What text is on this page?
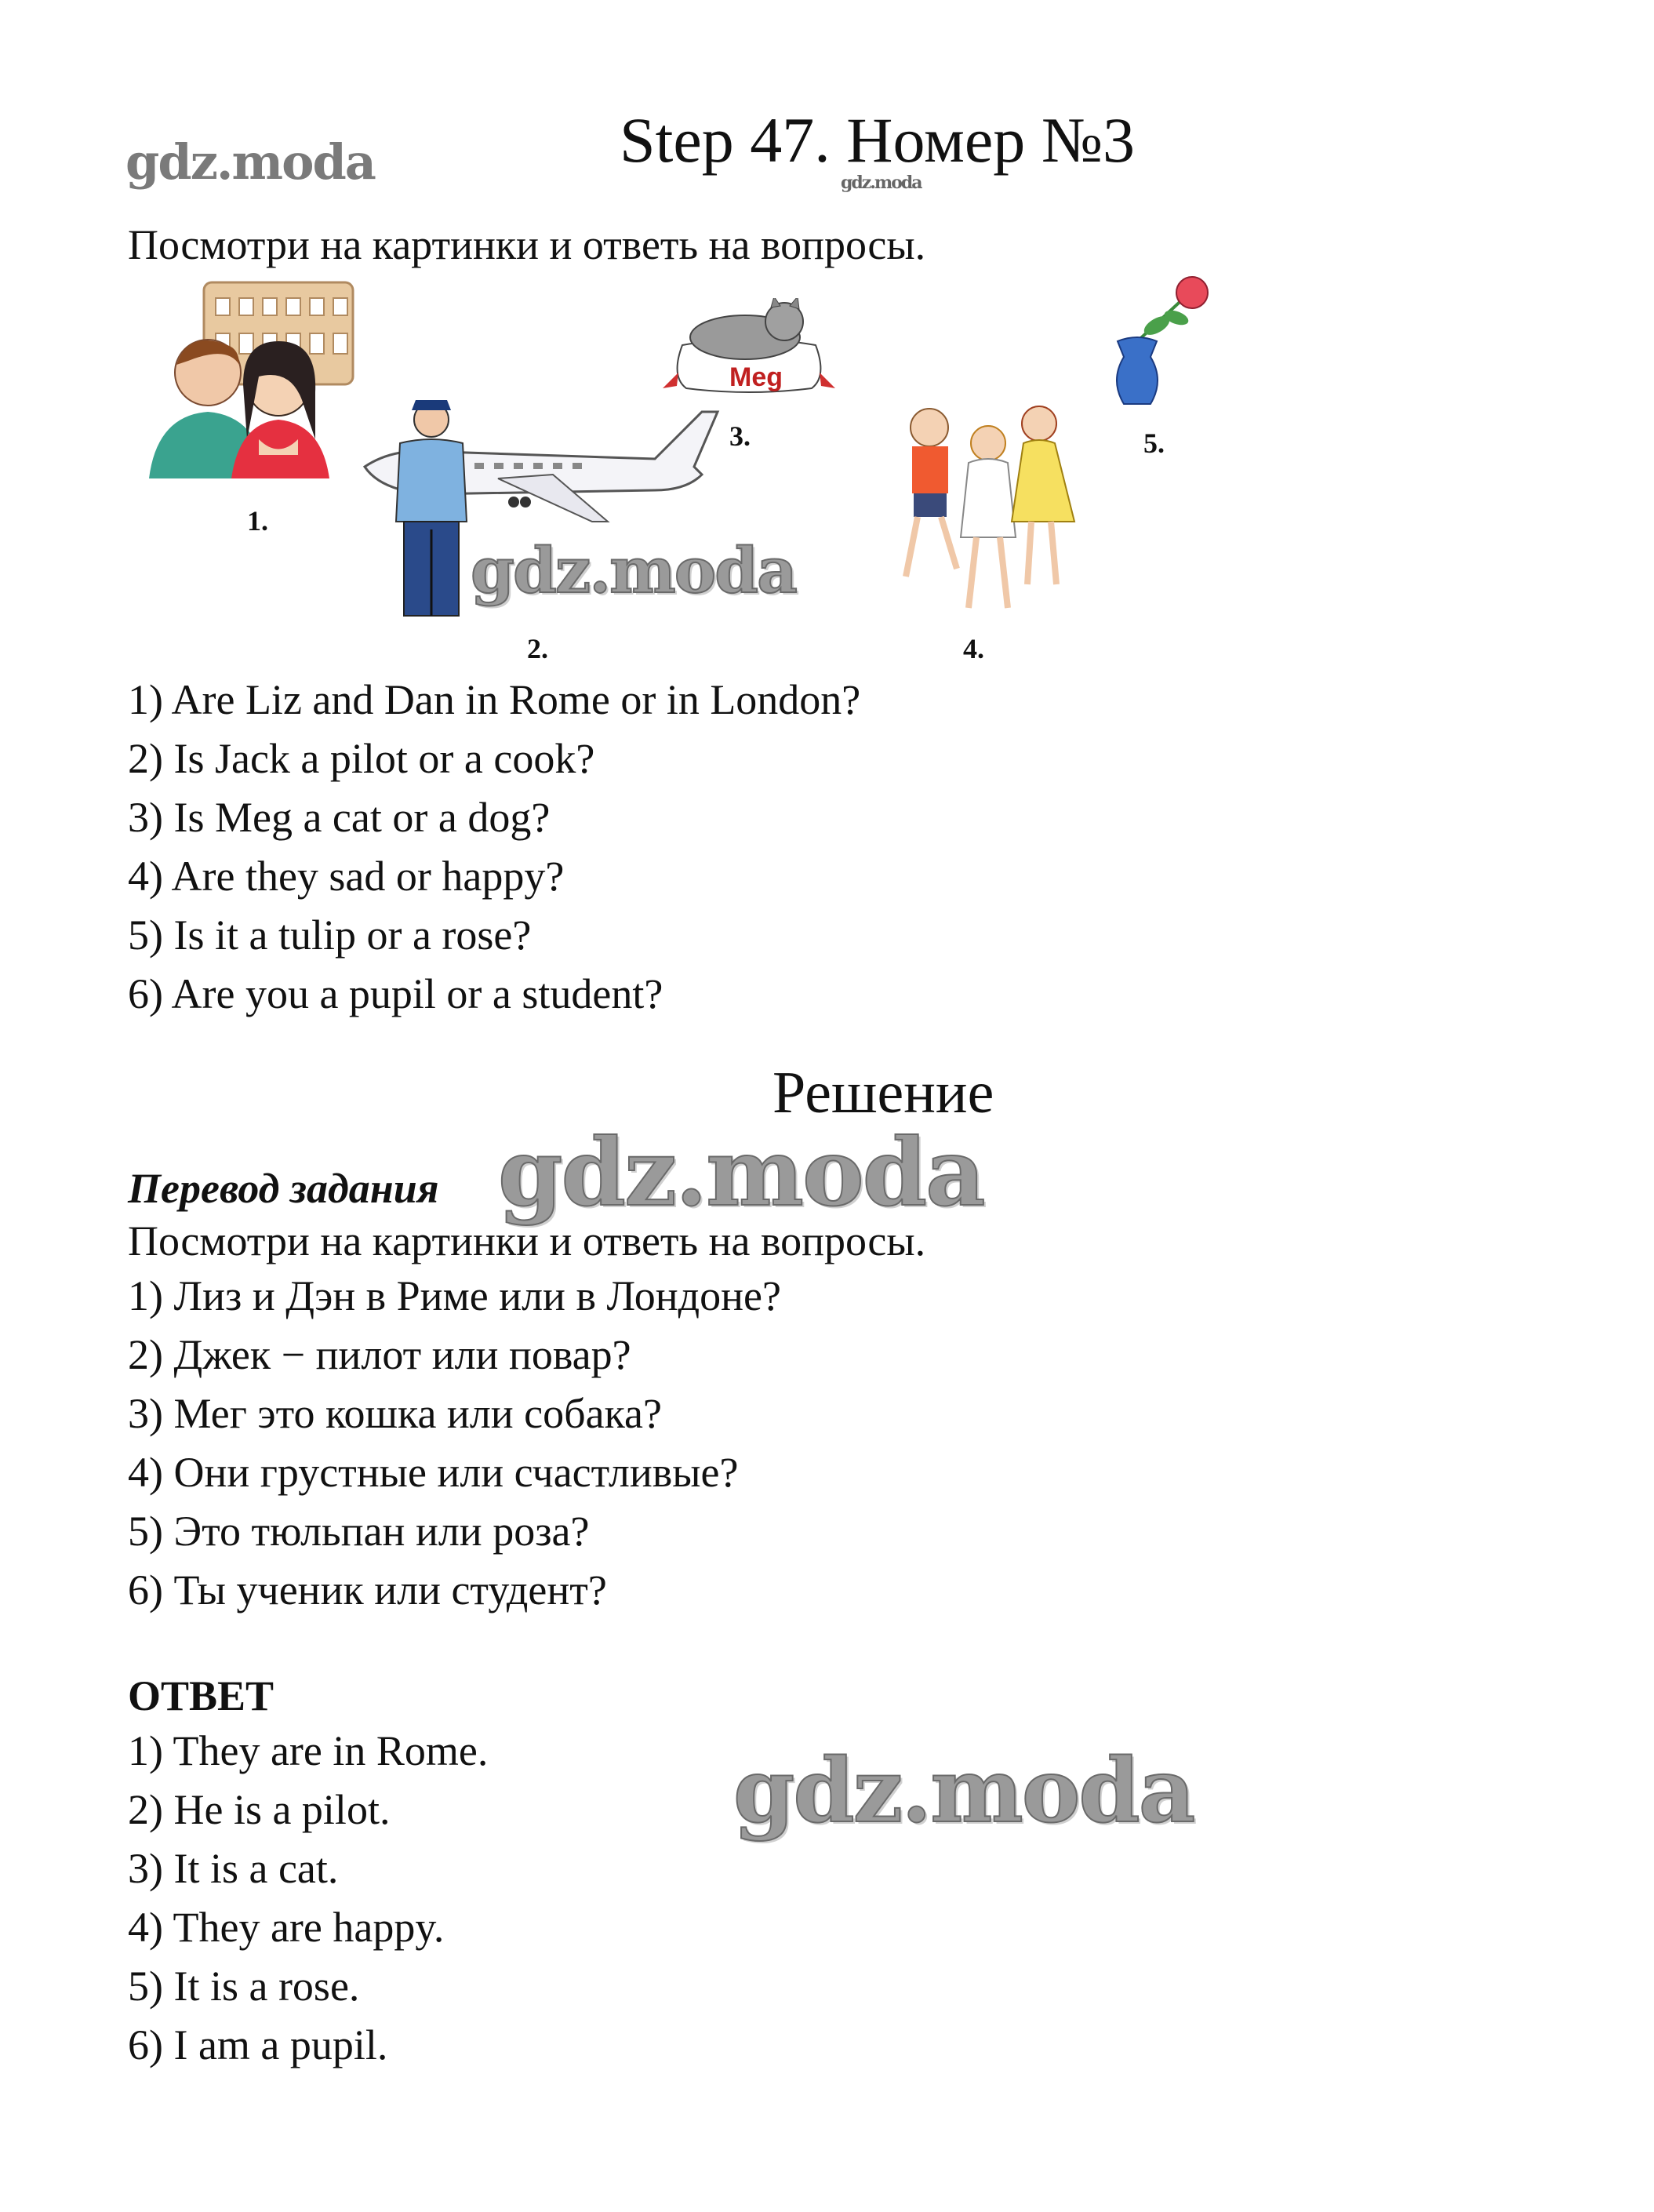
gdz.moda	Step 47. Номер №3
gdz.moda
Посмотри на картинки и ответь на вопросы.
Meg
1.
2.
3.
4.
5.
gdz.moda
1) Are Liz and Dan in Rome or in London?
2) Is Jack a pilot or a cook?
3) Is Meg a cat or a dog?
4) Are they sad or happy?
5) Is it a tulip or a rose?
6) Are you a pupil or a student?
Решение
Перевод задания gdz.moda
Посмотри на картинки и ответь на вопросы.
1) Лиз и Дэн в Риме или в Лондоне?
2) Джек − пилот или повар?
3) Мег это кошка или собака?
4) Они грустные или счастливые?
5) Это тюльпан или роза?
6) Ты ученик или студент?
ОТВЕТ
gdz.moda
1) They are in Rome.
2) He is a pilot.
3) It is a cat.
4) They are happy.
5) It is a rose.
6) I am a pupil.
